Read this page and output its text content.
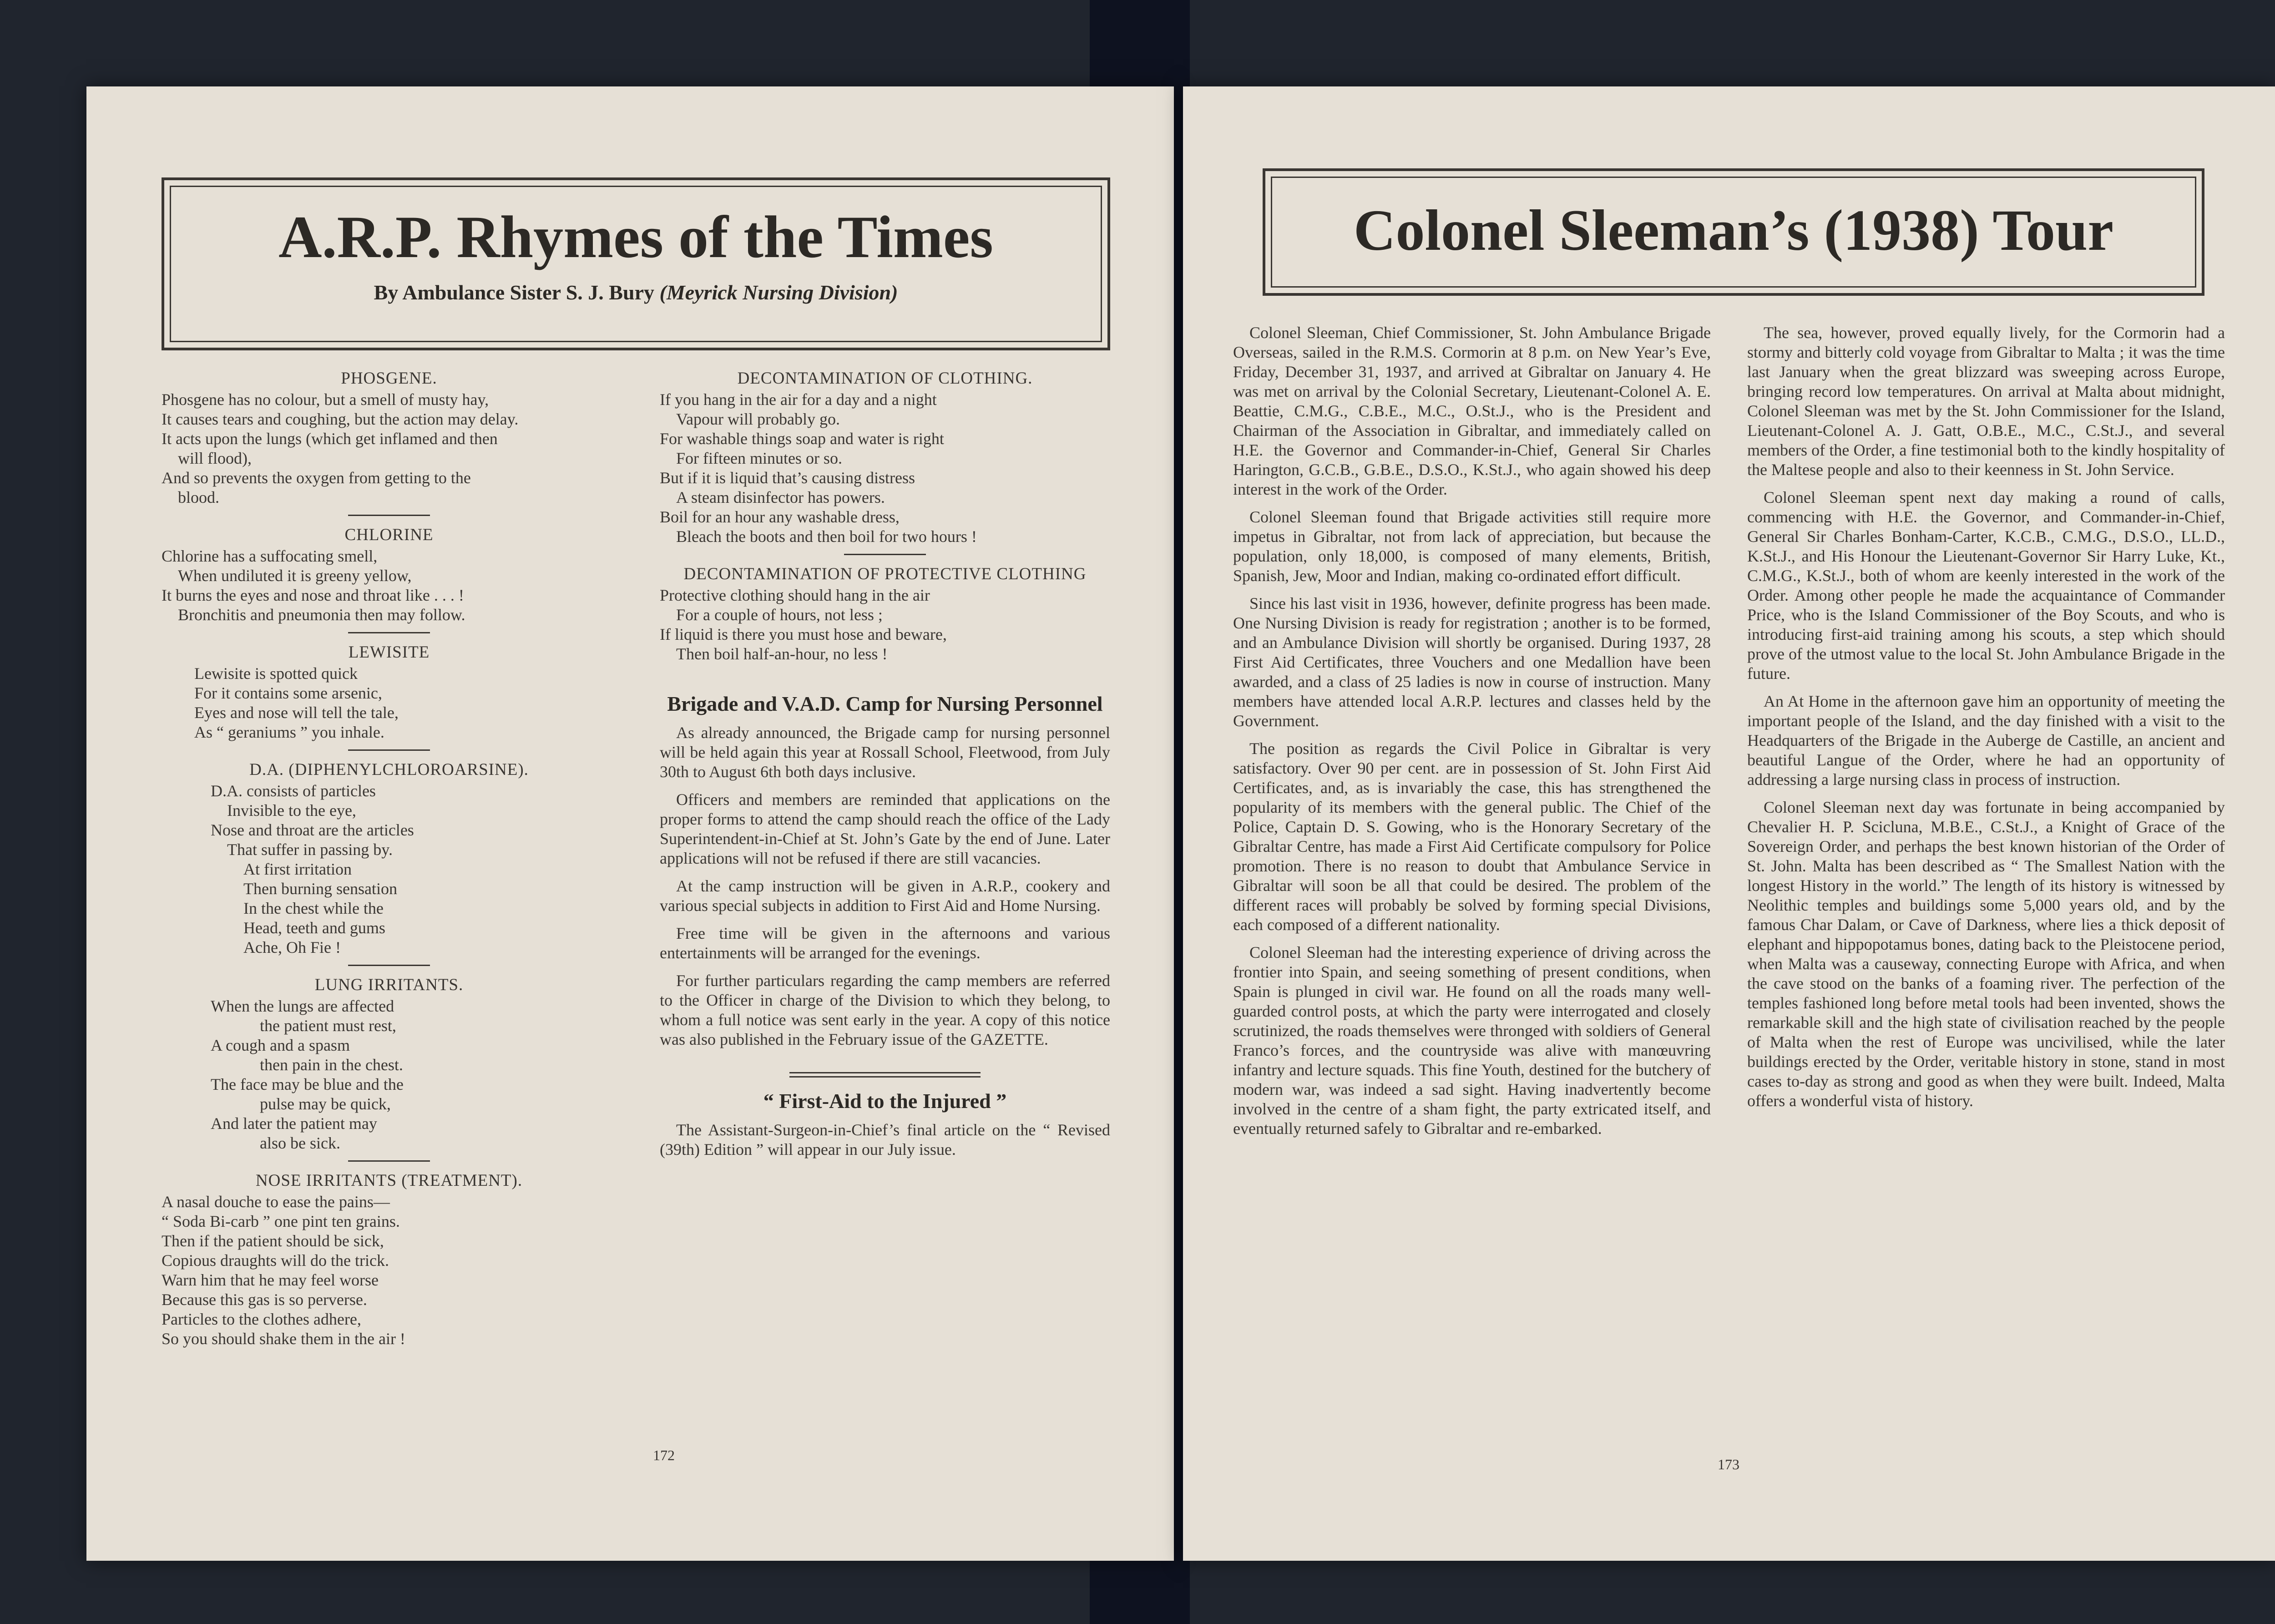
A.R.P. Rhymes of the Times
By Ambulance Sister S. J. Bury (Meyrick Nursing Division)
PHOSGENE.
Phosgene has no colour, but a smell of musty hay,
It causes tears and coughing, but the action may delay.
It acts upon the lungs (which get inflamed and then
will flood),
And so prevents the oxygen from getting to the
blood.
CHLORINE
Chlorine has a suffocating smell,
When undiluted it is greeny yellow,
It burns the eyes and nose and throat like . . . !
Bronchitis and pneumonia then may follow.
LEWISITE
Lewisite is spotted quick
For it contains some arsenic,
Eyes and nose will tell the tale,
As “ geraniums ” you inhale.
D.A. (DIPHENYLCHLOROARSINE).
D.A. consists of particles
Invisible to the eye,
Nose and throat are the articles
That suffer in passing by.
At first irritation
Then burning sensation
In the chest while the
Head, teeth and gums
Ache, Oh Fie !
LUNG IRRITANTS.
When the lungs are affected
the patient must rest,
A cough and a spasm
then pain in the chest.
The face may be blue and the
pulse may be quick,
And later the patient may
also be sick.
NOSE IRRITANTS (TREATMENT).
A nasal douche to ease the pains—
“ Soda Bi-carb ” one pint ten grains.
Then if the patient should be sick,
Copious draughts will do the trick.
Warn him that he may feel worse
Because this gas is so perverse.
Particles to the clothes adhere,
So you should shake them in the air !
DECONTAMINATION OF CLOTHING.
If you hang in the air for a day and a night
Vapour will probably go.
For washable things soap and water is right
For fifteen minutes or so.
But if it is liquid that’s causing distress
A steam disinfector has powers.
Boil for an hour any washable dress,
Bleach the boots and then boil for two hours !
DECONTAMINATION OF PROTECTIVE CLOTHING
Protective clothing should hang in the air
For a couple of hours, not less ;
If liquid is there you must hose and beware,
Then boil half-an-hour, no less !
Brigade and V.A.D. Camp for Nursing Personnel

As already announced, the Brigade camp for nursing personnel will be held again this year at Rossall School, Fleetwood, from July 30th to August 6th both days inclusive.

Officers and members are reminded that applications on the proper forms to attend the camp should reach the office of the Lady Superintendent-in-Chief at St. John’s Gate by the end of June. Later applications will not be refused if there are still vacancies.

At the camp instruction will be given in A.R.P., cookery and various special subjects in addition to First Aid and Home Nursing.

Free time will be given in the afternoons and various entertainments will be arranged for the evenings.

For further particulars regarding the camp members are referred to the Officer in charge of the Division to which they belong, to whom a full notice was sent early in the year. A copy of this notice was also published in the February issue of the GAZETTE.

“ First-Aid to the Injured ”

The Assistant-Surgeon-in-Chief’s final article on the “ Revised (39th) Edition ” will appear in our July issue.

172
Colonel Sleeman’s (1938) Tour

Colonel Sleeman, Chief Commissioner, St. John Ambulance Brigade Overseas, sailed in the R.M.S. Cormorin at 8 p.m. on New Year’s Eve, Friday, December 31, 1937, and arrived at Gibraltar on January 4. He was met on arrival by the Colonial Secretary, Lieutenant-Colonel A. E. Beattie, C.M.G., C.B.E., M.C., O.St.J., who is the President and Chairman of the Association in Gibraltar, and immediately called on H.E. the Governor and Commander-in-Chief, General Sir Charles Harington, G.C.B., G.B.E., D.S.O., K.St.J., who again showed his deep interest in the work of the Order.

Colonel Sleeman found that Brigade activities still require more impetus in Gibraltar, not from lack of appreciation, but because the population, only 18,000, is composed of many elements, British, Spanish, Jew, Moor and Indian, making co-ordinated effort difficult.

Since his last visit in 1936, however, definite progress has been made. One Nursing Division is ready for registration ; another is to be formed, and an Ambulance Division will shortly be organised. During 1937, 28 First Aid Certificates, three Vouchers and one Medallion have been awarded, and a class of 25 ladies is now in course of instruction. Many members have attended local A.R.P. lectures and classes held by the Government.

The position as regards the Civil Police in Gibraltar is very satisfactory. Over 90 per cent. are in possession of St. John First Aid Certificates, and, as is invariably the case, this has strengthened the popularity of its members with the general public. The Chief of the Police, Captain D. S. Gowing, who is the Honorary Secretary of the Gibraltar Centre, has made a First Aid Certificate compulsory for Police promotion. There is no reason to doubt that Ambulance Service in Gibraltar will soon be all that could be desired. The problem of the different races will probably be solved by forming special Divisions, each composed of a different nationality.

Colonel Sleeman had the interesting experience of driving across the frontier into Spain, and seeing something of present conditions, when Spain is plunged in civil war. He found on all the roads many well-guarded control posts, at which the party were interrogated and closely scrutinized, the roads themselves were thronged with soldiers of General Franco’s forces, and the countryside was alive with manœuvring infantry and lecture squads. This fine Youth, destined for the butchery of modern war, was indeed a sad sight. Having inadvertently become involved in the centre of a sham fight, the party extricated itself, and eventually returned safely to Gibraltar and re-embarked.

The sea, however, proved equally lively, for the Cormorin had a stormy and bitterly cold voyage from Gibraltar to Malta ; it was the time last January when the great blizzard was sweeping across Europe, bringing record low temperatures. On arrival at Malta about midnight, Colonel Sleeman was met by the St. John Commissioner for the Island, Lieutenant-Colonel A. J. Gatt, O.B.E., M.C., C.St.J., and several members of the Order, a fine testimonial both to the kindly hospitality of the Maltese people and also to their keenness in St. John Service.

Colonel Sleeman spent next day making a round of calls, commencing with H.E. the Governor, and Commander-in-Chief, General Sir Charles Bonham-Carter, K.C.B., C.M.G., D.S.O., LL.D., K.St.J., and His Honour the Lieutenant-Governor Sir Harry Luke, Kt., C.M.G., K.St.J., both of whom are keenly interested in the work of the Order. Among other people he made the acquaintance of Commander Price, who is the Island Commissioner of the Boy Scouts, and who is introducing first-aid training among his scouts, a step which should prove of the utmost value to the local St. John Ambulance Brigade in the future.

An At Home in the afternoon gave him an opportunity of meeting the important people of the Island, and the day finished with a visit to the Headquarters of the Brigade in the Auberge de Castille, an ancient and beautiful Langue of the Order, where he had an opportunity of addressing a large nursing class in process of instruction.

Colonel Sleeman next day was fortunate in being accompanied by Chevalier H. P. Scicluna, M.B.E., C.St.J., a Knight of Grace of the Sovereign Order, and perhaps the best known historian of the Order of St. John. Malta has been described as “ The Smallest Nation with the longest History in the world.” The length of its history is witnessed by Neolithic temples and buildings some 5,000 years old, and by the famous Char Dalam, or Cave of Darkness, where lies a thick deposit of elephant and hippopotamus bones, dating back to the Pleistocene period, when Malta was a causeway, connecting Europe with Africa, and when the cave stood on the banks of a foaming river. The perfection of the temples fashioned long before metal tools had been invented, shows the remarkable skill and the high state of civilisation reached by the people of Malta when the rest of Europe was uncivilised, while the later buildings erected by the Order, veritable history in stone, stand in most cases to-day as strong and good as when they were built. Indeed, Malta offers a wonderful vista of history.

173
